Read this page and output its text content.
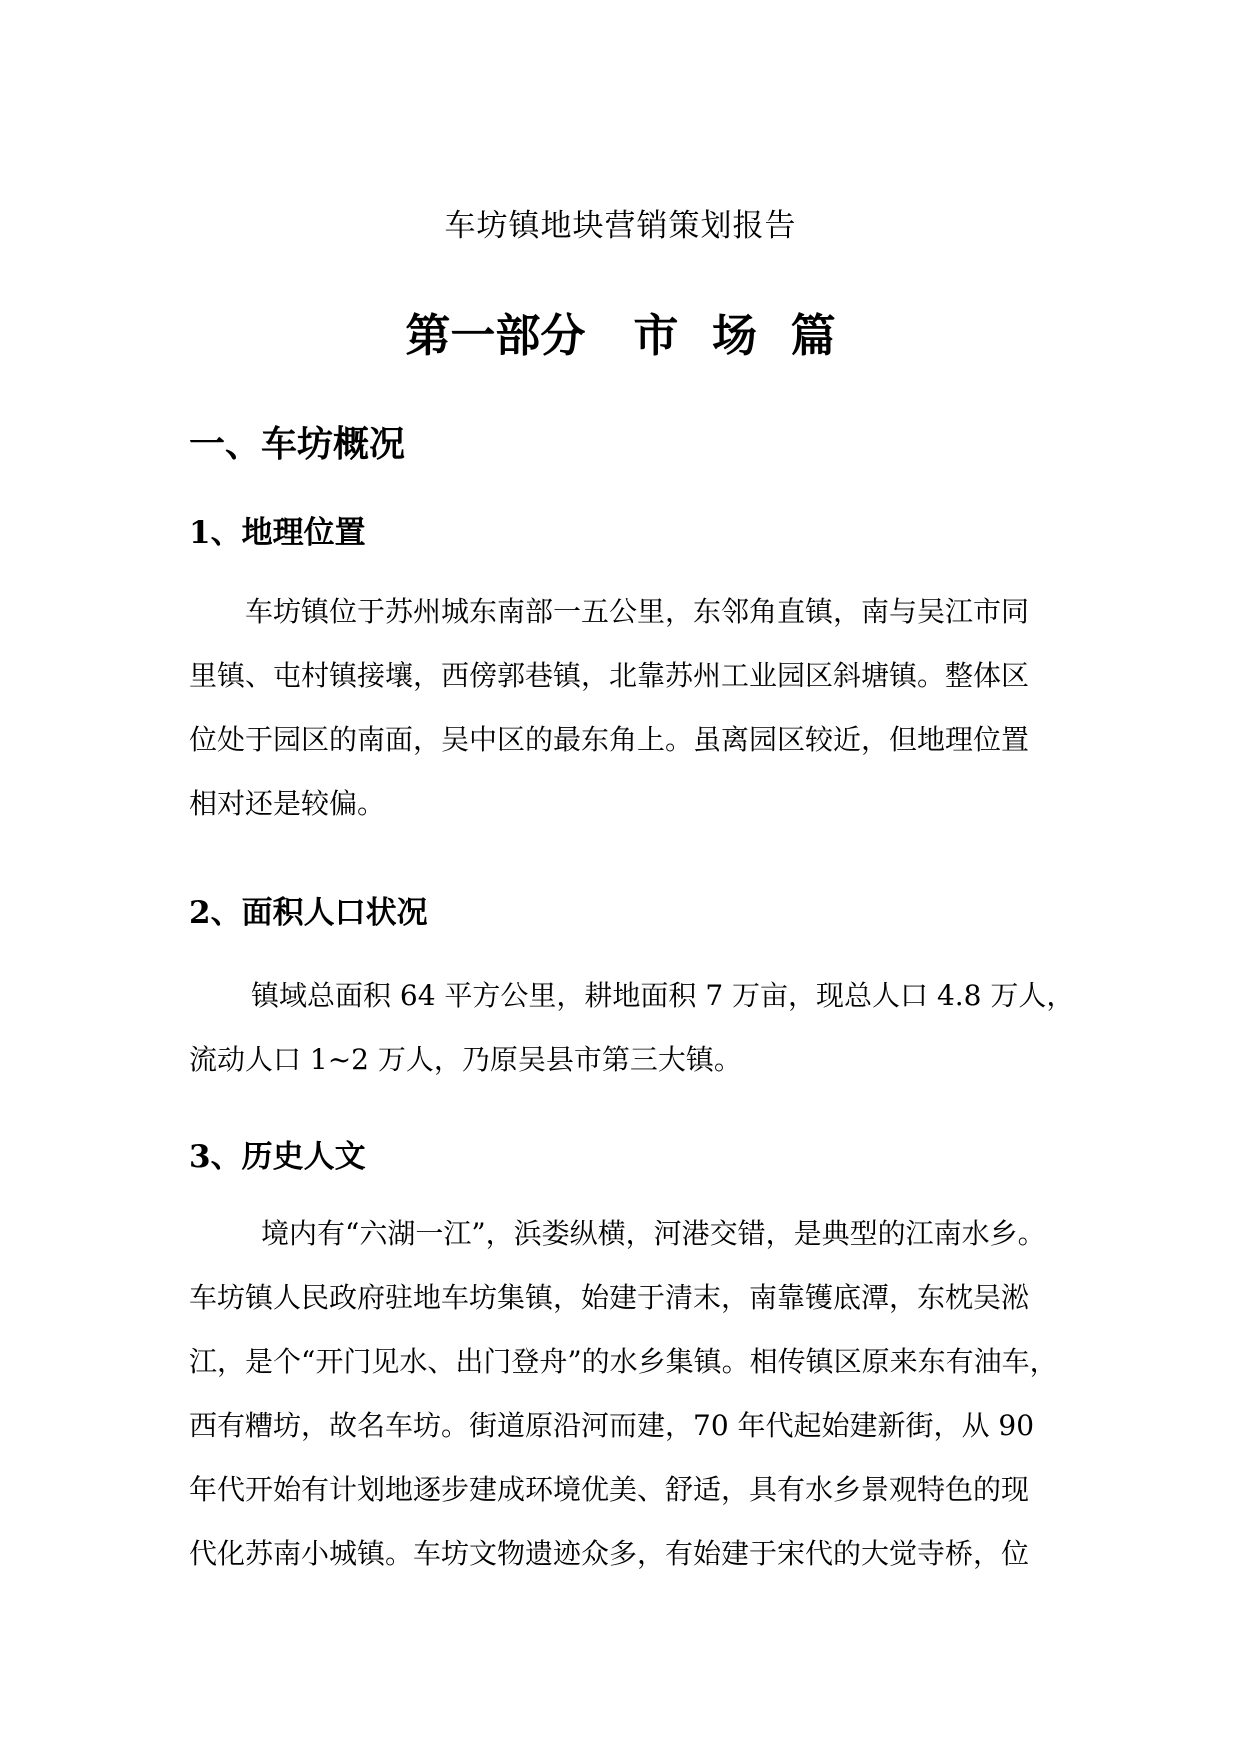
车坊镇地块营销策划报告
第一部分 市 场 篇
一、车坊概况
1、地理位置
车坊镇位于苏州城东南部一五公里，东邻角直镇，南与吴江市同
里镇、屯村镇接壤，西傍郭巷镇，北靠苏州工业园区斜塘镇。整体区
位处于园区的南面，吴中区的最东角上。虽离园区较近，但地理位置
相对还是较偏。
2、面积人口状况
镇域总面积 64 平方公里，耕地面积 7 万亩，现总人口 4.8 万人，
流动人口 1~2 万人，乃原吴县市第三大镇。
3、历史人文
境内有“六湖一江”，浜娄纵横，河港交错，是典型的江南水乡。
车坊镇人民政府驻地车坊集镇，始建于清末，南靠镬底潭，东枕吴淞
江，是个“开门见水、出门登舟”的水乡集镇。相传镇区原来东有油车，
西有糟坊，故名车坊。街道原沿河而建，70 年代起始建新街，从 90
年代开始有计划地逐步建成环境优美、舒适，具有水乡景观特色的现
代化苏南小城镇。车坊文物遗迹众多，有始建于宋代的大觉寺桥，位
